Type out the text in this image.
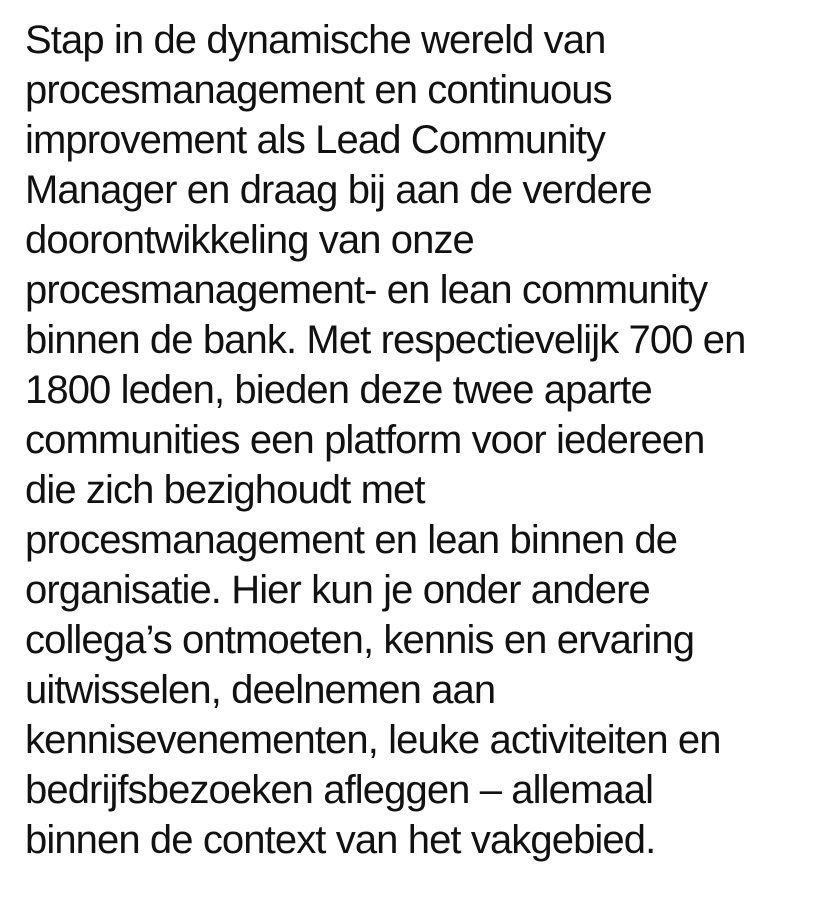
Stap in de dynamische wereld van
procesmanagement en continuous
improvement als Lead Community
Manager en draag bij aan de verdere
doorontwikkeling van onze
procesmanagement- en lean community
binnen de bank. Met respectievelijk 700 en
1800 leden, bieden deze twee aparte
communities een platform voor iedereen
die zich bezighoudt met
procesmanagement en lean binnen de
organisatie. Hier kun je onder andere
collega’s ontmoeten, kennis en ervaring
uitwisselen, deelnemen aan
kennisevenementen, leuke activiteiten en
bedrijfsbezoeken afleggen – allemaal
binnen de context van het vakgebied.
